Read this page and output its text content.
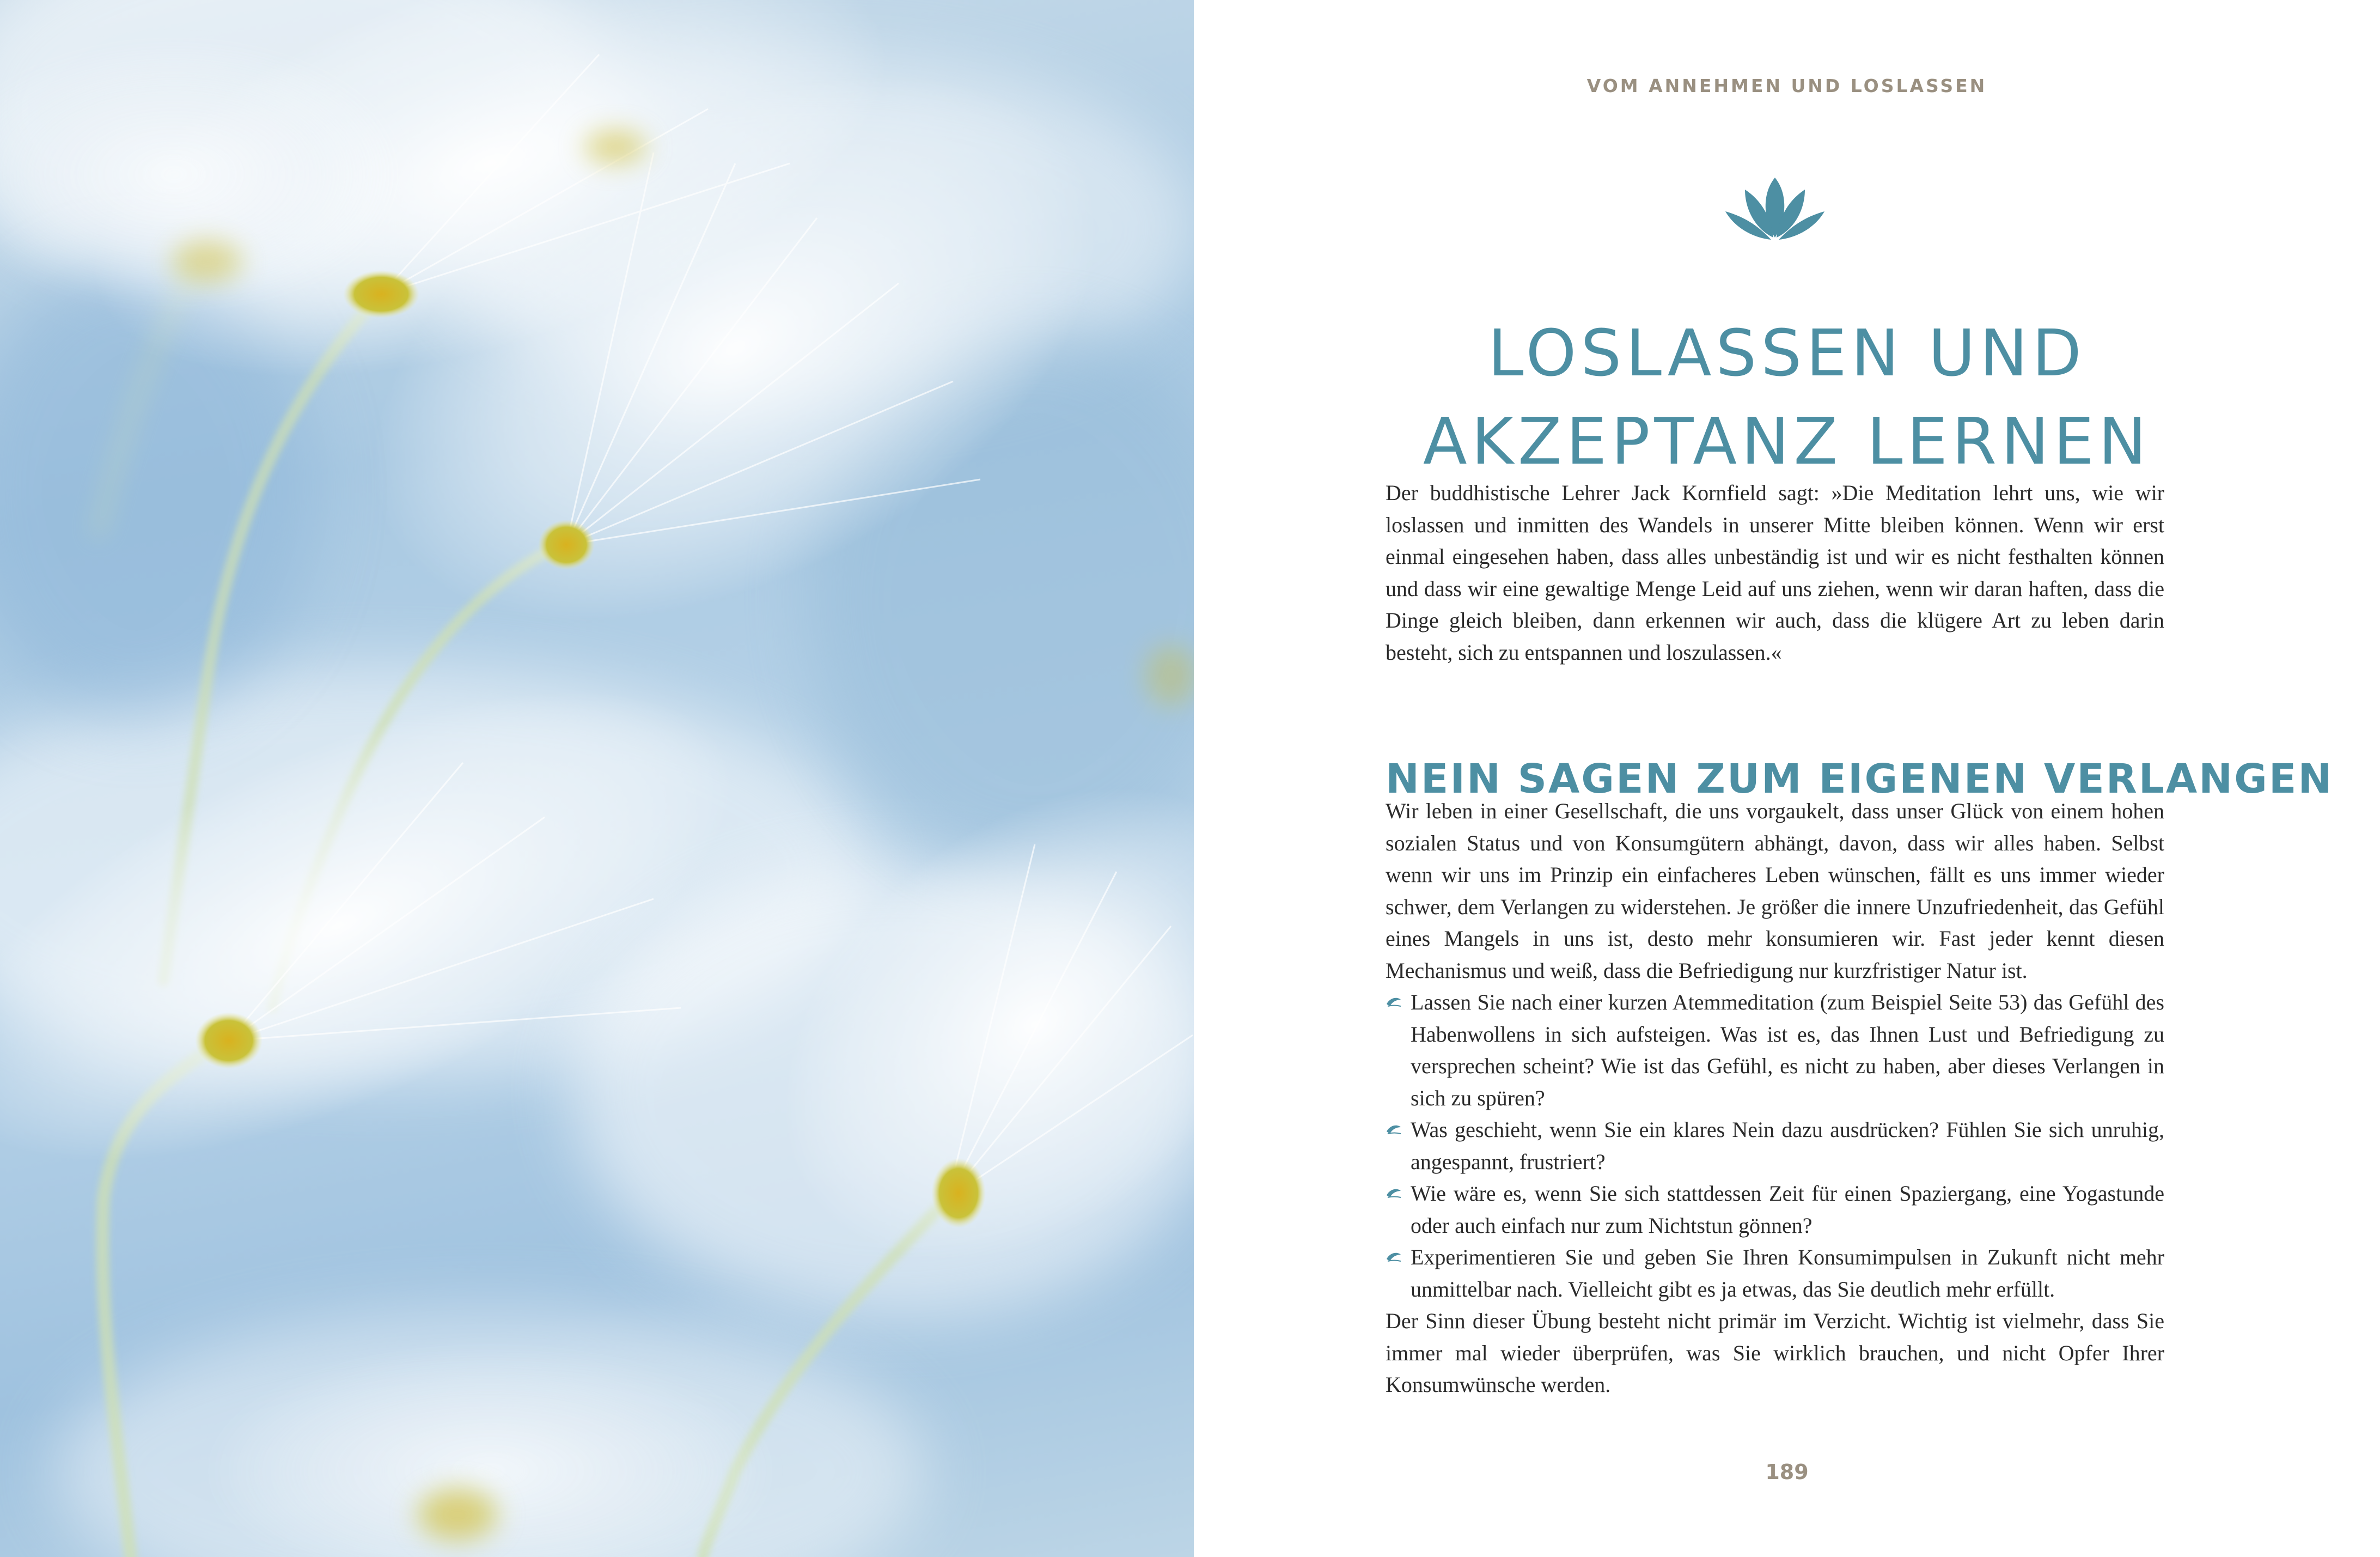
VOM ANNEHMEN UND LOSLASSEN
LOSLASSEN UND
AKZEPTANZ LERNEN

Der buddhistische Lehrer Jack Kornfield sagt: »Die Meditation lehrt uns, wie wir loslassen und inmitten des Wandels in unserer Mitte bleiben können. Wenn wir erst einmal eingesehen haben, dass alles unbeständig ist und wir es nicht festhalten können und dass wir eine gewaltige Menge Leid auf uns ziehen, wenn wir daran haften, dass die Dinge gleich bleiben, dann erkennen wir auch, dass die klügere Art zu leben darin besteht, sich zu entspannen und loszulassen.«

NEIN SAGEN ZUM EIGENEN VERLANGEN

Wir leben in einer Gesellschaft, die uns vorgaukelt, dass unser Glück von einem hohen sozialen Status und von Konsumgütern abhängt, davon, dass wir alles haben. Selbst wenn wir uns im Prinzip ein einfacheres Leben wünschen, fällt es uns immer wieder schwer, dem Verlangen zu widerstehen. Je größer die innere Unzufriedenheit, das Gefühl eines Mangels in uns ist, desto mehr konsumieren wir. Fast jeder kennt diesen Mechanismus und weiß, dass die Befriedigung nur kurzfristiger Natur ist.

Lassen Sie nach einer kurzen Atemmeditation (zum Beispiel Seite 53) das Gefühl des Habenwollens in sich aufsteigen. Was ist es, das Ihnen Lust und Befriedigung zu versprechen scheint? Wie ist das Gefühl, es nicht zu haben, aber dieses Verlangen in sich zu spüren?
Was geschieht, wenn Sie ein klares Nein dazu ausdrücken? Fühlen Sie sich unruhig, angespannt, frustriert?
Wie wäre es, wenn Sie sich stattdessen Zeit für einen Spaziergang, eine Yogastunde oder auch einfach nur zum Nichtstun gönnen?
Experimentieren Sie und geben Sie Ihren Konsumimpulsen in Zukunft nicht mehr unmittelbar nach. Vielleicht gibt es ja etwas, das Sie deutlich mehr erfüllt.

Der Sinn dieser Übung besteht nicht primär im Verzicht. Wichtig ist vielmehr, dass Sie immer mal wieder überprüfen, was Sie wirklich brauchen, und nicht Opfer Ihrer Konsumwünsche werden.

189
